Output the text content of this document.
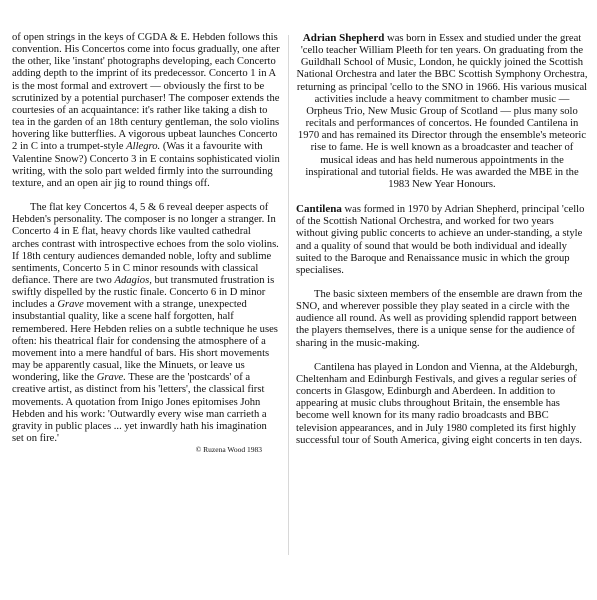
of open strings in the keys of CGDA & E. Hebden follows this convention. His Concertos come into focus gradually, one after the other, like 'instant' photographs developing, each Concerto adding depth to the imprint of its predecessor. Concerto 1 in A is the most formal and extrovert — obviously the first to be scrutinized by a potential purchaser! The composer extends the courtesies of an acquaintance: it's rather like taking a dish to tea in the garden of an 18th century gentleman, the solo violins hovering like butterflies. A vigorous upbeat launches Concerto 2 in C into a trumpet-style Allegro. (Was it a favourite with Valentine Snow?) Concerto 3 in E contains sophisticated violin writing, with the solo part welded firmly into the surrounding texture, and an open air jig to round things off.

The flat key Concertos 4, 5 & 6 reveal deeper aspects of Hebden's personality. The composer is no longer a stranger. In Concerto 4 in E flat, heavy chords like vaulted cathedral arches contrast with introspective echoes from the solo violins. If 18th century audiences demanded noble, lofty and sublime sentiments, Concerto 5 in C minor resounds with classical defiance. There are two Adagios, but transmuted frustration is swiftly dispelled by the rustic finale. Concerto 6 in D minor includes a Grave movement with a strange, unexpected insubstantial quality, like a scene half forgotten, half remembered. Here Hebden relies on a subtle technique he uses often: his theatrical flair for condensing the atmosphere of a movement into a mere handful of bars. His short movements may be apparently casual, like the Minuets, or leave us wondering, like the Grave. These are the 'postcards' of a creative artist, as distinct from his 'letters', the classical first movements. A quotation from Inigo Jones epitomises John Hebden and his work: 'Outwardly every wise man carrieth a gravity in public places ... yet inwardly hath his imagination set on fire.'

© Ruzena Wood 1983

Adrian Shepherd was born in Essex and studied under the great 'cello teacher William Pleeth for ten years. On graduating from the Guildhall School of Music, London, he quickly joined the Scottish National Orchestra and later the BBC Scottish Symphony Orchestra, returning as principal 'cello to the SNO in 1966. His various musical activities include a heavy commitment to chamber music — Orpheus Trio, New Music Group of Scotland — plus many solo recitals and performances of concertos. He founded Cantilena in 1970 and has remained its Director through the ensemble's meteoric rise to fame. He is well known as a broadcaster and teacher of musical ideas and has held numerous appointments in the inspirational and tutorial fields. He was awarded the MBE in the 1983 New Year Honours.

Cantilena was formed in 1970 by Adrian Shepherd, principal 'cello of the Scottish National Orchestra, and worked for two years without giving public concerts to achieve an under-standing, a style and a quality of sound that would be both individual and ideally suited to the Baroque and Renaissance music in which the group specialises.

The basic sixteen members of the ensemble are drawn from the SNO, and wherever possible they play seated in a circle with the audience all round. As well as providing splendid rapport between the players themselves, there is a unique sense for the audience of sharing in the music-making.

Cantilena has played in London and Vienna, at the Aldeburgh, Cheltenham and Edinburgh Festivals, and gives a regular series of concerts in Glasgow, Edinburgh and Aberdeen. In addition to appearing at music clubs throughout Britain, the ensemble has become well known for its many radio broadcasts and BBC television appearances, and in July 1980 completed its first highly successful tour of South America, giving eight concerts in ten days.
